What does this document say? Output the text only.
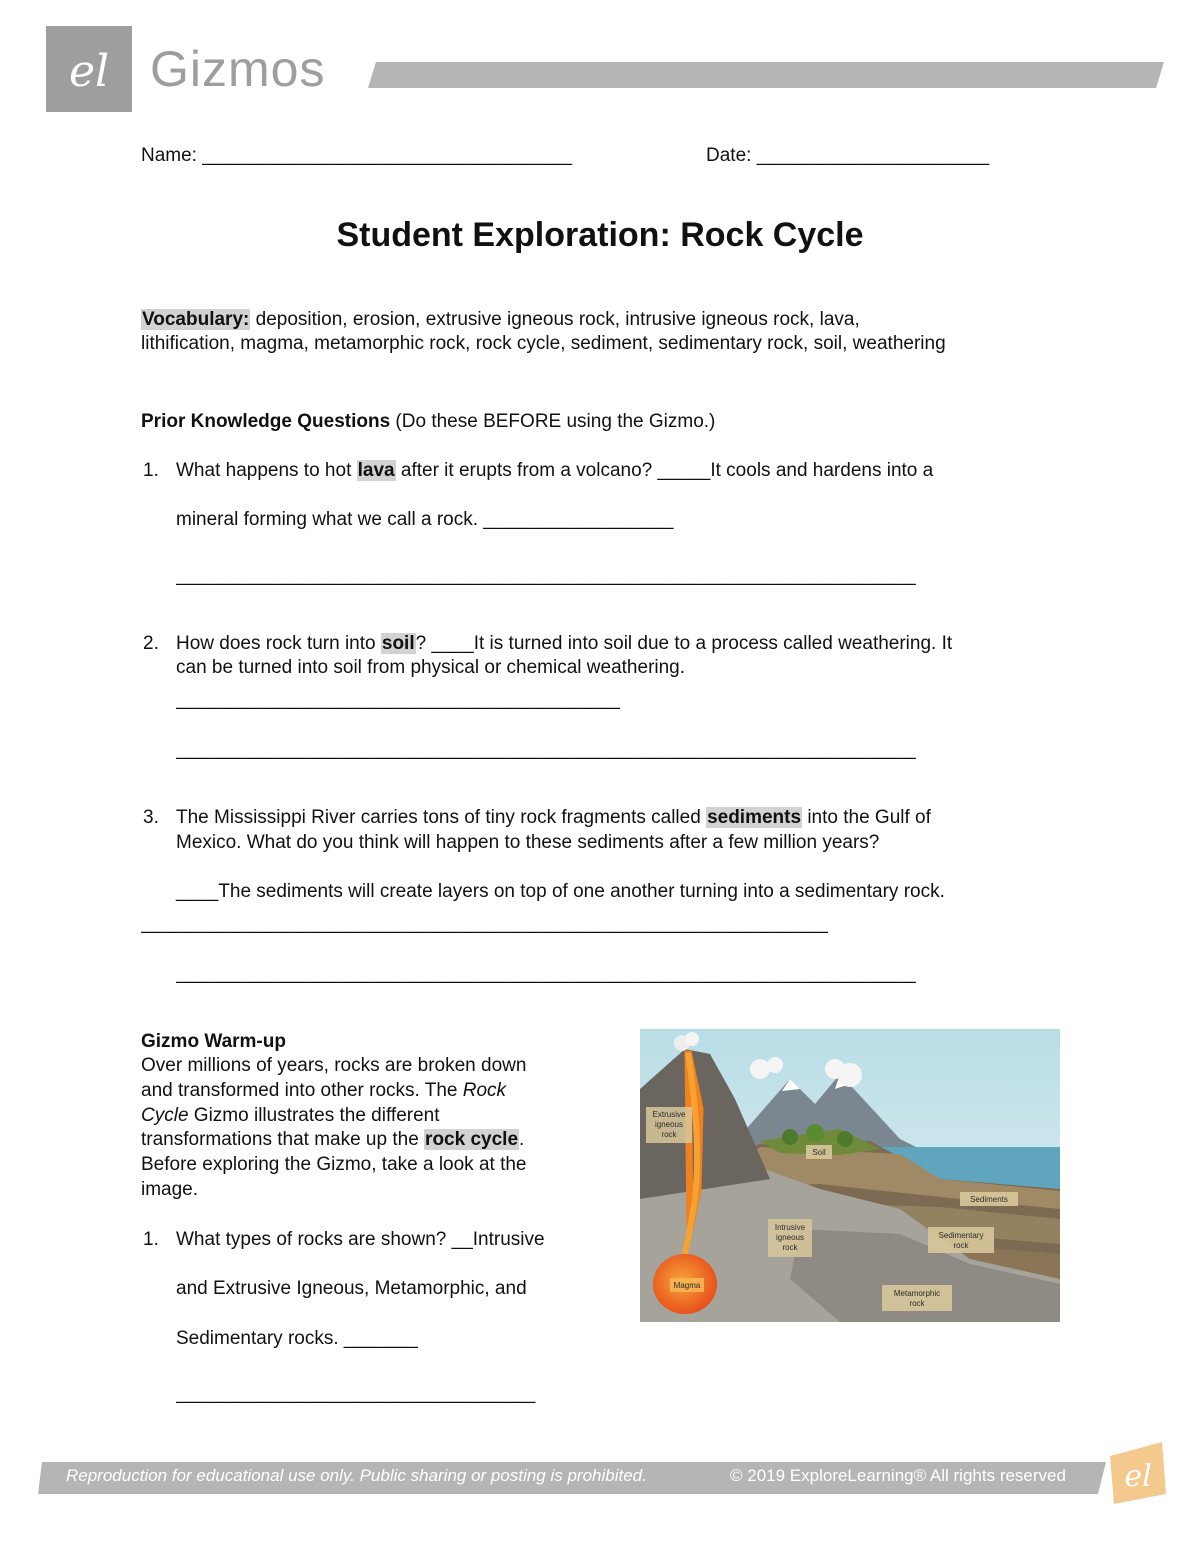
el Gizmos
Name: ___________________________________	Date: ______________________
Student Exploration: Rock Cycle
Vocabulary: deposition, erosion, extrusive igneous rock, intrusive igneous rock, lava,
lithification, magma, metamorphic rock, rock cycle, sediment, sedimentary rock, soil, weathering
Prior Knowledge Questions (Do these BEFORE using the Gizmo.)
1. What happens to hot lava after it erupts from a volcano? _____It cools and hardens into a
mineral forming what we call a rock. __________________
______________________________________________________________________
2. How does rock turn into soil? ____It is turned into soil due to a process called weathering. It
can be turned into soil from physical or chemical weathering.
__________________________________________
______________________________________________________________________
3. The Mississippi River carries tons of tiny rock fragments called sediments into the Gulf of
Mexico. What do you think will happen to these sediments after a few million years?
____The sediments will create layers on top of one another turning into a sedimentary rock.
_________________________________________________________________
______________________________________________________________________
Gizmo Warm-up
Over millions of years, rocks are broken down
and transformed into other rocks. The Rock
Cycle Gizmo illustrates the different
transformations that make up the rock cycle.
Before exploring the Gizmo, take a look at the
image.
1. What types of rocks are shown? __Intrusive
and Extrusive Igneous, Metamorphic, and
Sedimentary rocks. _______
__________________________________
Extrusive
igneous
rock
Soil
Sediments
Intrusive
igneous
rock
Sedimentary
rock
Magma
Metamorphic
rock
Reproduction for educational use only. Public sharing or posting is prohibited.	© 2019 ExploreLearning® All rights reserved el
